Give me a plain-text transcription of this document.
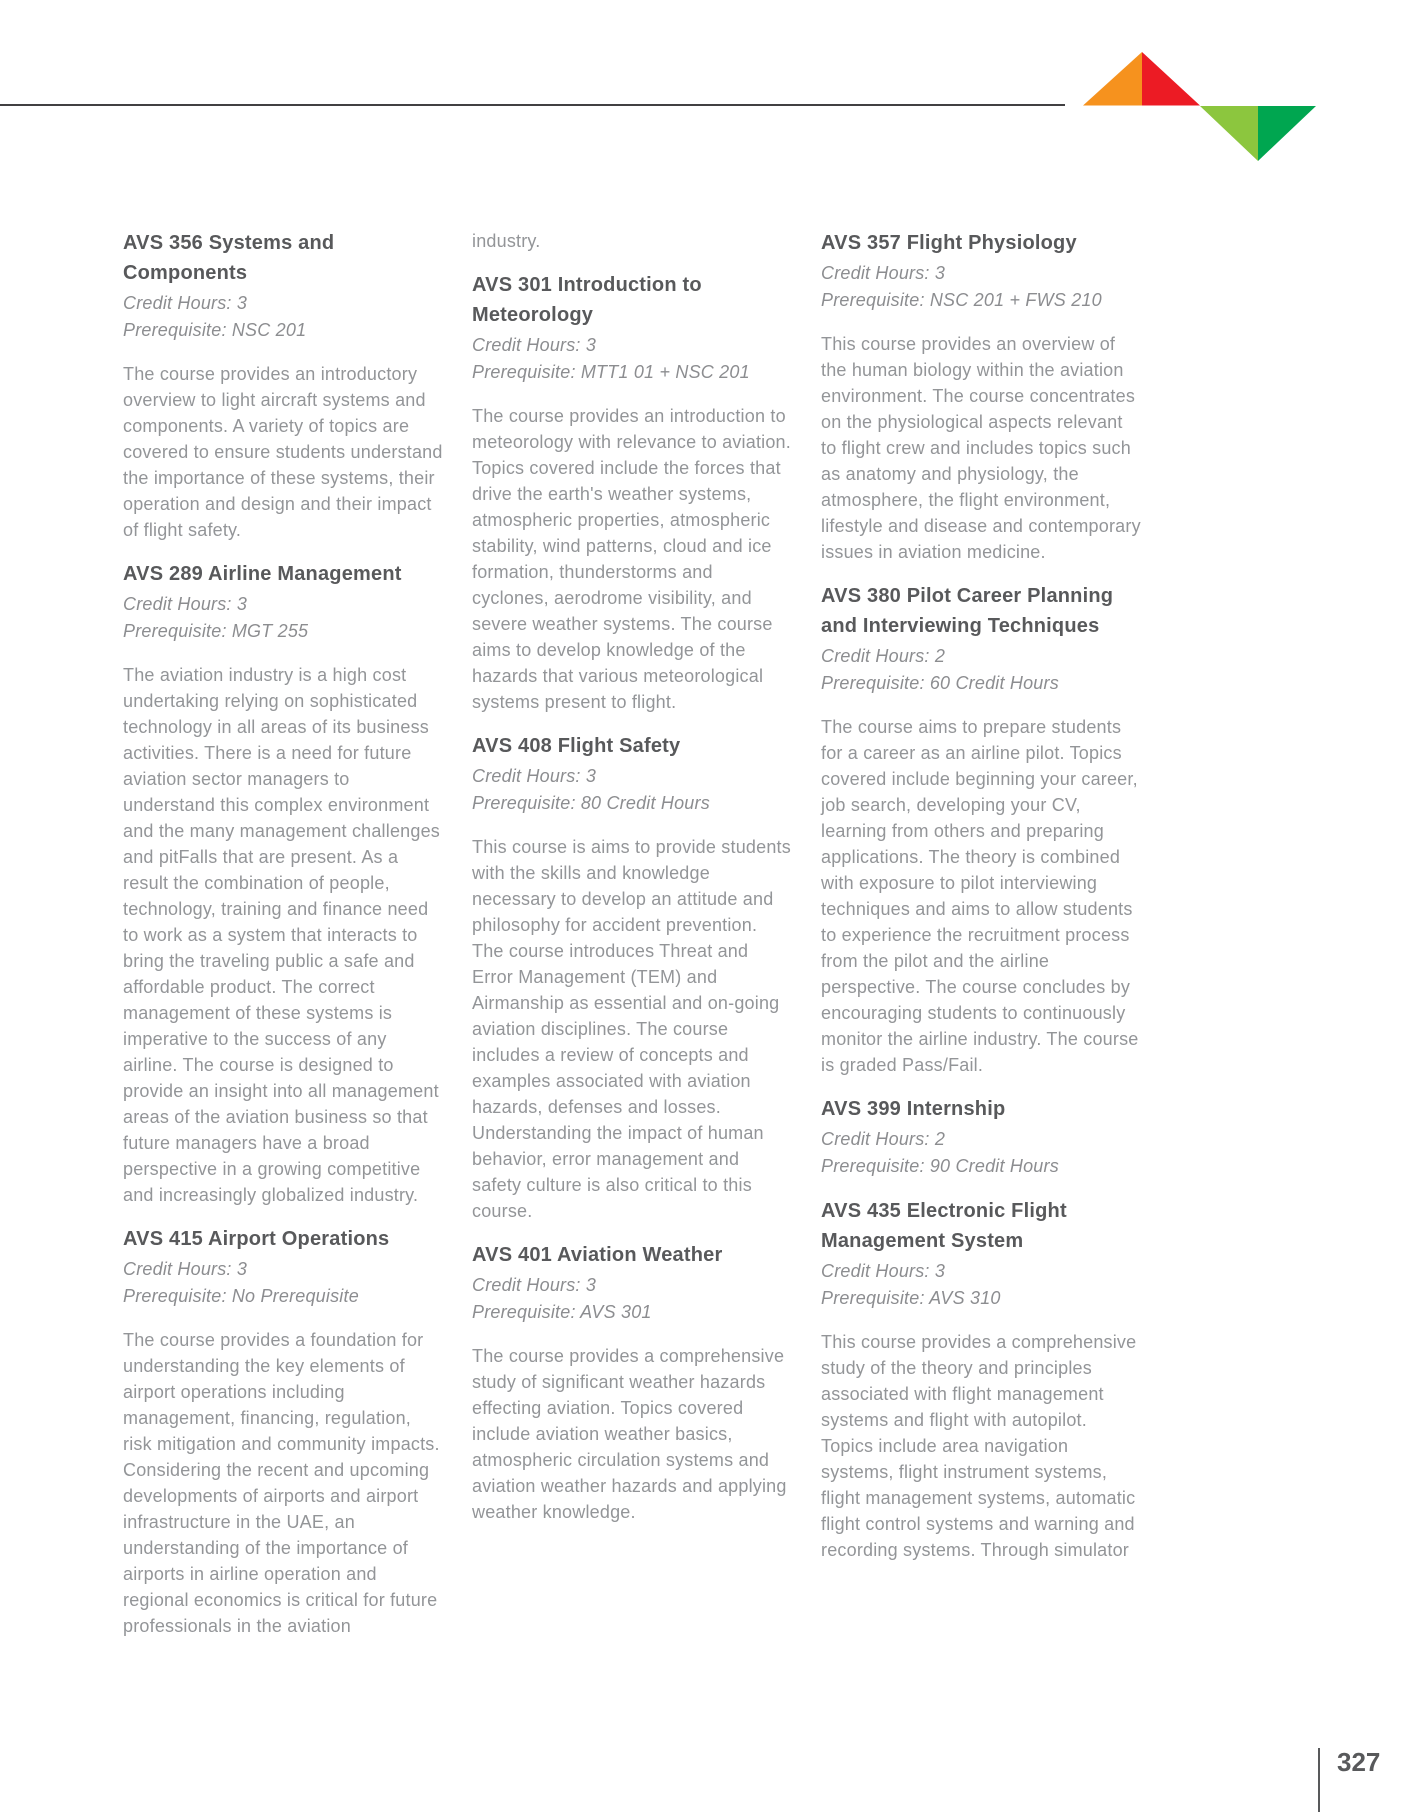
AVS 356 Systems and Components

Credit Hours: 3

Prerequisite: NSC 201

The course provides an introductory overview to light aircraft systems and components. A variety of topics are covered to ensure students understand the importance of these systems, their operation and design and their impact of flight safety.

AVS 289 Airline Management

Credit Hours: 3

Prerequisite: MGT 255

The aviation industry is a high cost undertaking relying on sophisticated technology in all areas of its business activities. There is a need for future aviation sector managers to understand this complex environment and the many management challenges and pitFalls that are present. As a result the combination of people, technology, training and finance need to work as a system that interacts to bring the traveling public a safe and affordable product. The correct management of these systems is imperative to the success of any airline. The course is designed to provide an insight into all management areas of the aviation business so that future managers have a broad perspective in a growing competitive and increasingly globalized industry.

AVS 415 Airport Operations

Credit Hours: 3

Prerequisite: No Prerequisite

The course provides a foundation for understanding the key elements of airport operations including management, financing, regulation, risk mitigation and community impacts. Considering the recent and upcoming developments of airports and airport infrastructure in the UAE, an understanding of the importance of airports in airline operation and regional economics is critical for future professionals in the aviation

industry.

AVS 301 Introduction to Meteorology

Credit Hours: 3

Prerequisite: MTT1 01 + NSC 201

The course provides an introduction to meteorology with relevance to aviation. Topics covered include the forces that drive the earth's weather systems, atmospheric properties, atmospheric stability, wind patterns, cloud and ice formation, thunderstorms and cyclones, aerodrome visibility, and severe weather systems. The course aims to develop knowledge of the hazards that various meteorological systems present to flight.

AVS 408 Flight Safety

Credit Hours: 3

Prerequisite: 80 Credit Hours

This course is aims to provide students with the skills and knowledge necessary to develop an attitude and philosophy for accident prevention. The course introduces Threat and Error Management (TEM) and Airmanship as essential and on-going aviation disciplines. The course includes a review of concepts and examples associated with aviation hazards, defenses and losses. Understanding the impact of human behavior, error management and safety culture is also critical to this course.

AVS 401 Aviation Weather

Credit Hours: 3

Prerequisite: AVS 301

The course provides a comprehensive study of significant weather hazards effecting aviation. Topics covered include aviation weather basics, atmospheric circulation systems and aviation weather hazards and applying weather knowledge.

AVS 357 Flight Physiology

Credit Hours: 3

Prerequisite: NSC 201 + FWS 210

This course provides an overview of the human biology within the aviation environment. The course concentrates on the physiological aspects relevant to flight crew and includes topics such as anatomy and physiology, the atmosphere, the flight environment, lifestyle and disease and contemporary issues in aviation medicine.

AVS 380 Pilot Career Planning and Interviewing Techniques

Credit Hours: 2

Prerequisite: 60 Credit Hours

The course aims to prepare students for a career as an airline pilot. Topics covered include beginning your career, job search, developing your CV, learning from others and preparing applications. The theory is combined with exposure to pilot interviewing techniques and aims to allow students to experience the recruitment process from the pilot and the airline perspective. The course concludes by encouraging students to continuously monitor the airline industry. The course is graded Pass/Fail.

AVS 399 Internship

Credit Hours: 2

Prerequisite: 90 Credit Hours

AVS 435 Electronic Flight Management System

Credit Hours: 3

Prerequisite: AVS 310

This course provides a comprehensive study of the theory and principles associated with flight management systems and flight with autopilot. Topics include area navigation systems, flight instrument systems, flight management systems, automatic flight control systems and warning and recording systems. Through simulator

327
